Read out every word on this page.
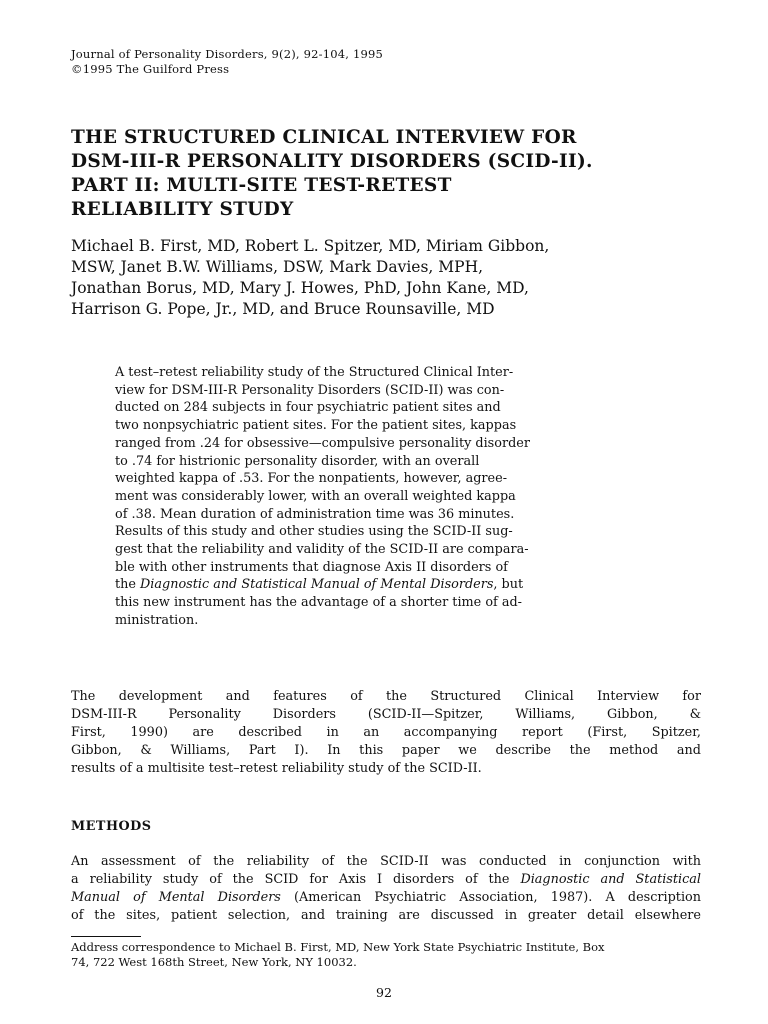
Journal of Personality Disorders, 9(2), 92-104, 1995
©1995 The Guilford Press
THE STRUCTURED CLINICAL INTERVIEW FOR
DSM-III-R PERSONALITY DISORDERS (SCID-II).
PART II: MULTI-SITE TEST-RETEST
RELIABILITY STUDY
Michael B. First, MD, Robert L. Spitzer, MD, Miriam Gibbon,
MSW, Janet B.W. Williams, DSW, Mark Davies, MPH,
Jonathan Borus, MD, Mary J. Howes, PhD, John Kane, MD,
Harrison G. Pope, Jr., MD, and Bruce Rounsaville, MD
A test–retest reliability study of the Structured Clinical Inter-
view for DSM-III-R Personality Disorders (SCID-II) was con-
ducted on 284 subjects in four psychiatric patient sites and
two nonpsychiatric patient sites. For the patient sites, kappas
ranged from .24 for obsessive—compulsive personality disorder
to .74 for histrionic personality disorder, with an overall
weighted kappa of .53. For the nonpatients, however, agree-
ment was considerably lower, with an overall weighted kappa
of .38. Mean duration of administration time was 36 minutes.
Results of this study and other studies using the SCID-II sug-
gest that the reliability and validity of the SCID-II are compara-
ble with other instruments that diagnose Axis II disorders of
the Diagnostic and Statistical Manual of Mental Disorders, but
this new instrument has the advantage of a shorter time of ad-
ministration.
The development and features of the Structured Clinical Interview for
DSM-III-R Personality Disorders (SCID-II—Spitzer, Williams, Gibbon, &
First, 1990) are described in an accompanying report (First, Spitzer,
Gibbon, & Williams, Part I). In this paper we describe the method and
results of a multisite test–retest reliability study of the SCID-II.
METHODS
An assessment of the reliability of the SCID-II was conducted in conjunction with
a reliability study of the SCID for Axis I disorders of the Diagnostic and Statistical
Manual of Mental Disorders (American Psychiatric Association, 1987). A description
of the sites, patient selection, and training are discussed in greater detail elsewhere
Address correspondence to Michael B. First, MD, New York State Psychiatric Institute, Box
74, 722 West 168th Street, New York, NY 10032.
92
